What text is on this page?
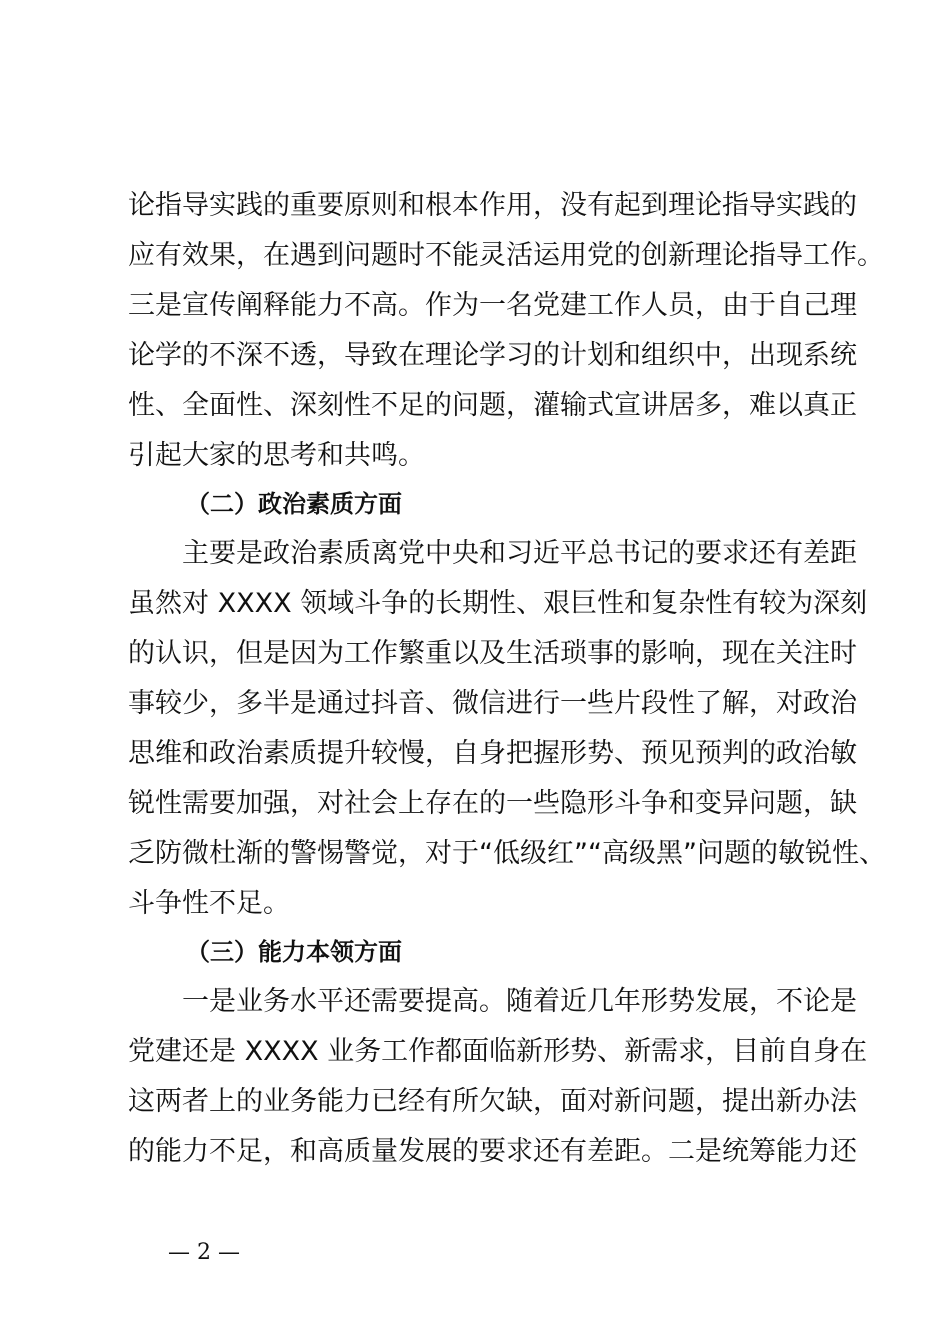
论指导实践的重要原则和根本作用，没有起到理论指导实践的
应有效果，在遇到问题时不能灵活运用党的创新理论指导工作。
三是宣传阐释能力不高。作为一名党建工作人员，由于自己理
论学的不深不透，导致在理论学习的计划和组织中，出现系统
性、全面性、深刻性不足的问题，灌输式宣讲居多，难以真正
引起大家的思考和共鸣。
（二）政治素质方面
主要是政治素质离党中央和习近平总书记的要求还有差距
虽然对 XXXX 领域斗争的长期性、艰巨性和复杂性有较为深刻
的认识，但是因为工作繁重以及生活琐事的影响，现在关注时
事较少，多半是通过抖音、微信进行一些片段性了解，对政治
思维和政治素质提升较慢，自身把握形势、预见预判的政治敏
锐性需要加强，对社会上存在的一些隐形斗争和变异问题，缺
乏防微杜渐的警惕警觉，对于“低级红”“高级黑”问题的敏锐性、
斗争性不足。
（三）能力本领方面
一是业务水平还需要提高。随着近几年形势发展，不论是
党建还是 XXXX 业务工作都面临新形势、新需求，目前自身在
这两者上的业务能力已经有所欠缺，面对新问题，提出新办法
的能力不足，和高质量发展的要求还有差距。二是统筹能力还
— 2 —
